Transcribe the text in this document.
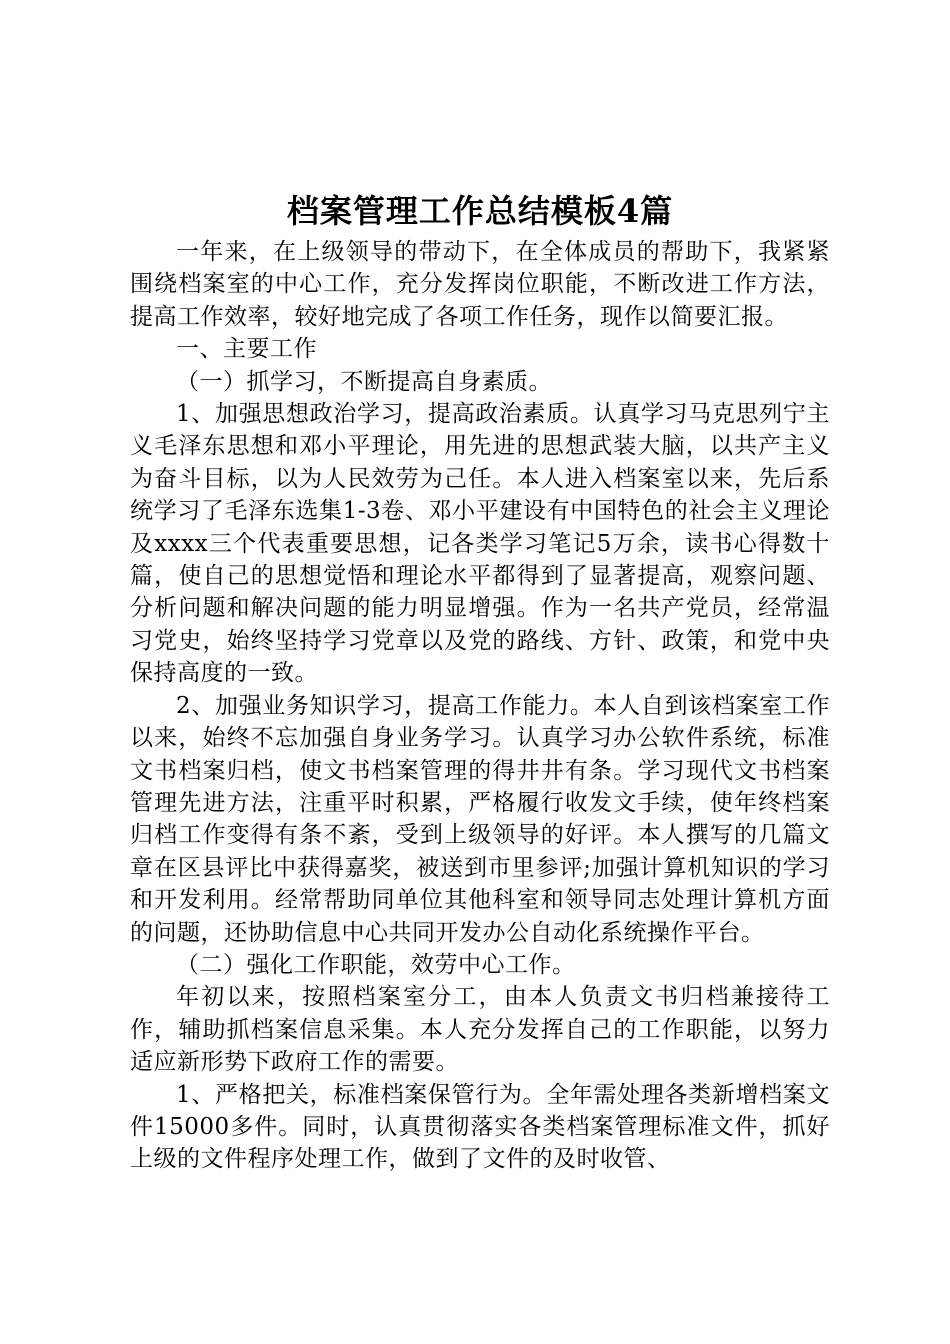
档案管理工作总结模板4篇

一年来，在上级领导的带动下，在全体成员的帮助下，我紧紧围绕档案室的中心工作，充分发挥岗位职能，不断改进工作方法，提高工作效率，较好地完成了各项工作任务，现作以简要汇报。

一、主要工作

（一）抓学习，不断提高自身素质。

1、加强思想政治学习，提高政治素质。认真学习马克思列宁主义毛泽东思想和邓小平理论，用先进的思想武装大脑，以共产主义为奋斗目标，以为人民效劳为己任。本人进入档案室以来，先后系统学习了毛泽东选集1-3卷、邓小平建设有中国特色的社会主义理论及xxxx三个代表重要思想，记各类学习笔记5万余，读书心得数十篇，使自己的思想觉悟和理论水平都得到了显著提高，观察问题、分析问题和解决问题的能力明显增强。作为一名共产党员，经常温习党史，始终坚持学习党章以及党的路线、方针、政策，和党中央保持高度的一致。

2、加强业务知识学习，提高工作能力。本人自到该档案室工作以来，始终不忘加强自身业务学习。认真学习办公软件系统，标准文书档案归档，使文书档案管理的得井井有条。学习现代文书档案管理先进方法，注重平时积累，严格履行收发文手续，使年终档案归档工作变得有条不紊，受到上级领导的好评。本人撰写的几篇文章在区县评比中获得嘉奖，被送到市里参评;加强计算机知识的学习和开发利用。经常帮助同单位其他科室和领导同志处理计算机方面的问题，还协助信息中心共同开发办公自动化系统操作平台。

（二）强化工作职能，效劳中心工作。

年初以来，按照档案室分工，由本人负责文书归档兼接待工作，辅助抓档案信息采集。本人充分发挥自己的工作职能，以努力适应新形势下政府工作的需要。

1、严格把关，标准档案保管行为。全年需处理各类新增档案文件15000多件。同时，认真贯彻落实各类档案管理标准文件，抓好上级的文件程序处理工作，做到了文件的及时收管、
